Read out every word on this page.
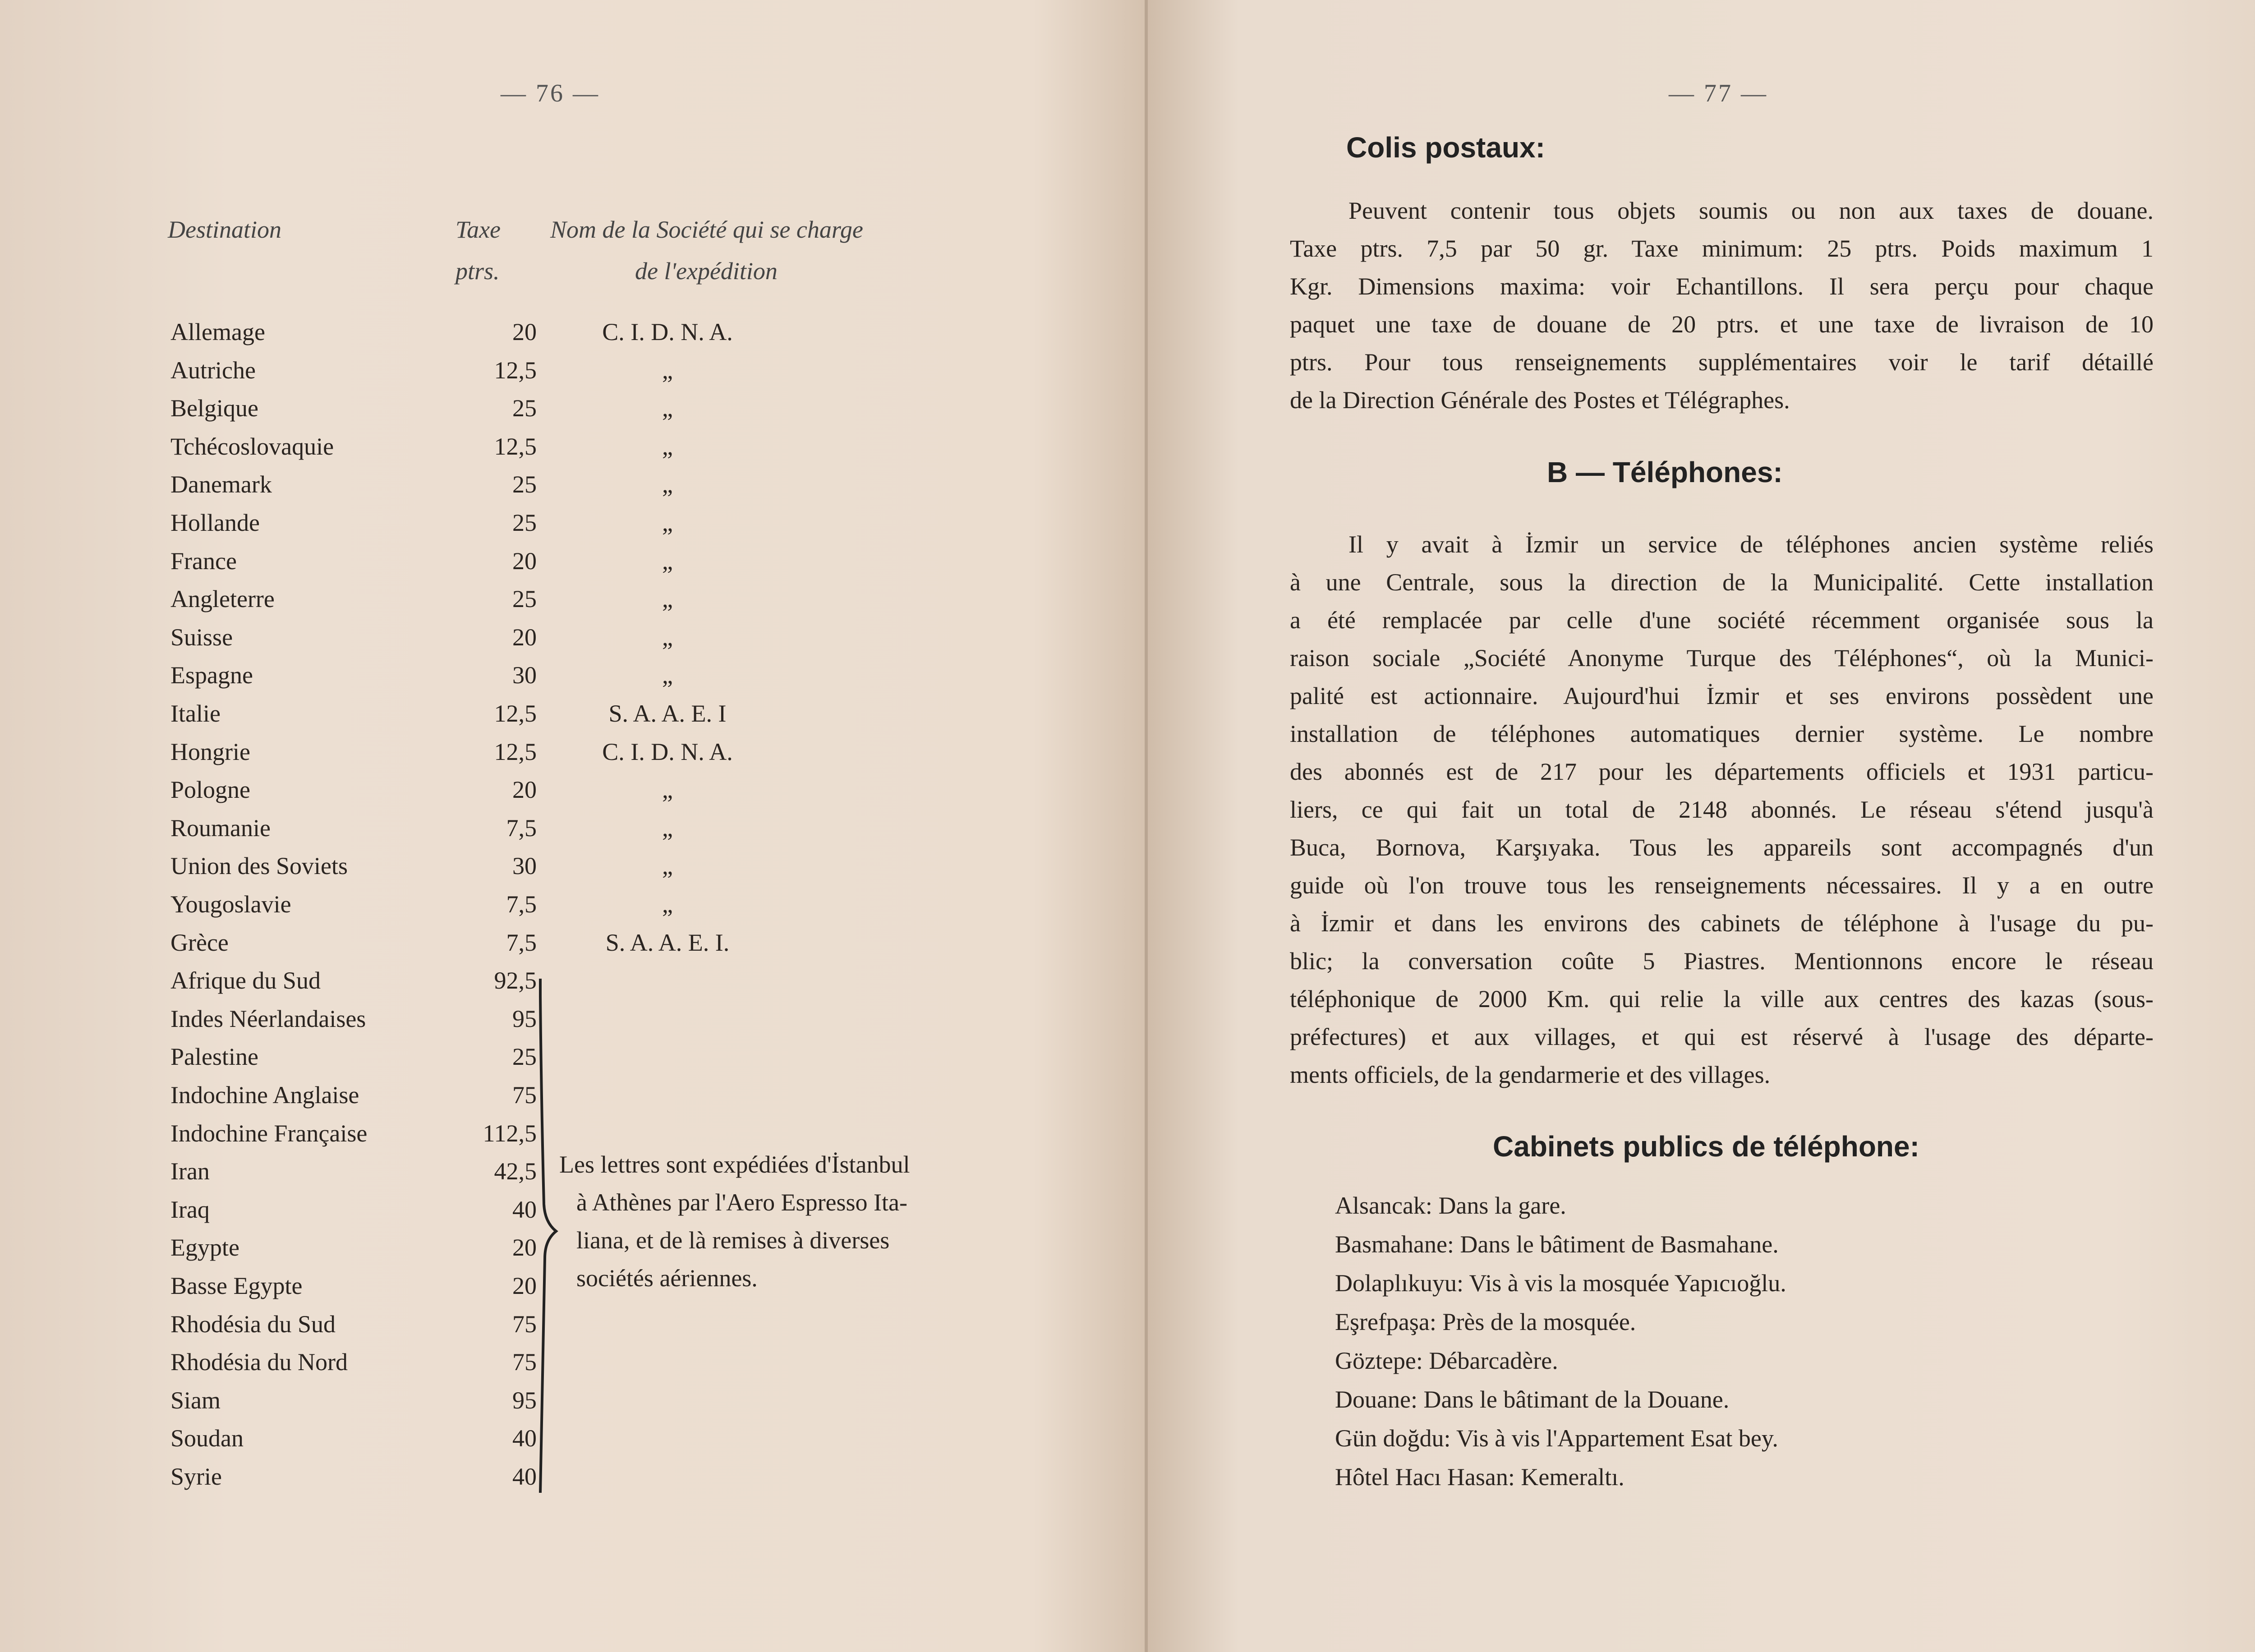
— 76 —
Destination	Taxe
ptrs.
Nom de la Société qui se charge
de l'expédition
Allemage	20	C. I. D. N. A.
Autriche	12,5	„
Belgique	25	„
Tchécoslovaquie	12,5	„
Danemark	25	„
Hollande	25	„
France	20	„
Angleterre	25	„
Suisse	20	„
Espagne	30	„
Italie	12,5	S. A. A. E. I
Hongrie	12,5	C. I. D. N. A.
Pologne	20	„
Roumanie	7,5	„
Union des Soviets	30	„
Yougoslavie	7,5	„
Grèce	7,5	S. A. A. E. I.
Afrique du Sud	92,5
Indes Néerlandaises	95
Palestine	25
Indochine Anglaise	75
Indochine Française	112,5
Iran	42,5
Iraq	40
Egypte	20
Basse Egypte	20
Rhodésia du Sud	75
Rhodésia du Nord	75
Siam	95
Soudan	40
Syrie	40
Les lettres sont expédiées d'İstanbul
à Athènes par l'Aero Espresso Ita-
liana, et de là remises à diverses
sociétés aériennes.
— 77 —
Colis postaux:
Peuvent contenir tous objets soumis ou non aux taxes de douane.
Taxe ptrs. 7,5 par 50 gr. Taxe minimum: 25 ptrs. Poids maximum 1
Kgr. Dimensions maxima: voir Echantillons. Il sera perçu pour chaque
paquet une taxe de douane de 20 ptrs. et une taxe de livraison de 10
ptrs. Pour tous renseignements supplémentaires voir le tarif détaillé
de la Direction Générale des Postes et Télégraphes.
B — Téléphones:
Il y avait à İzmir un service de téléphones ancien système reliés
à une Centrale, sous la direction de la Municipalité. Cette installation
a été remplacée par celle d'une société récemment organisée sous la
raison sociale „Société Anonyme Turque des Téléphones“, où la Munici-
palité est actionnaire. Aujourd'hui İzmir et ses environs possèdent une
installation de téléphones automatiques dernier système. Le nombre
des abonnés est de 217 pour les départements officiels et 1931 particu-
liers, ce qui fait un total de 2148 abonnés. Le réseau s'étend jusqu'à
Buca, Bornova, Karşıyaka. Tous les appareils sont accompagnés d'un
guide où l'on trouve tous les renseignements nécessaires. Il y a en outre
à İzmir et dans les environs des cabinets de téléphone à l'usage du pu-
blic; la conversation coûte 5 Piastres. Mentionnons encore le réseau
téléphonique de 2000 Km. qui relie la ville aux centres des kazas (sous-
préfectures) et aux villages, et qui est réservé à l'usage des départe-
ments officiels, de la gendarmerie et des villages.
Cabinets publics de téléphone:
Alsancak: Dans la gare.
Basmahane: Dans le bâtiment de Basmahane.
Dolaplıkuyu: Vis à vis la mosquée Yapıcıoğlu.
Eşrefpaşa: Près de la mosquée.
Göztepe: Débarcadère.
Douane: Dans le bâtimant de la Douane.
Gün doğdu: Vis à vis l'Appartement Esat bey.
Hôtel Hacı Hasan: Kemeraltı.
